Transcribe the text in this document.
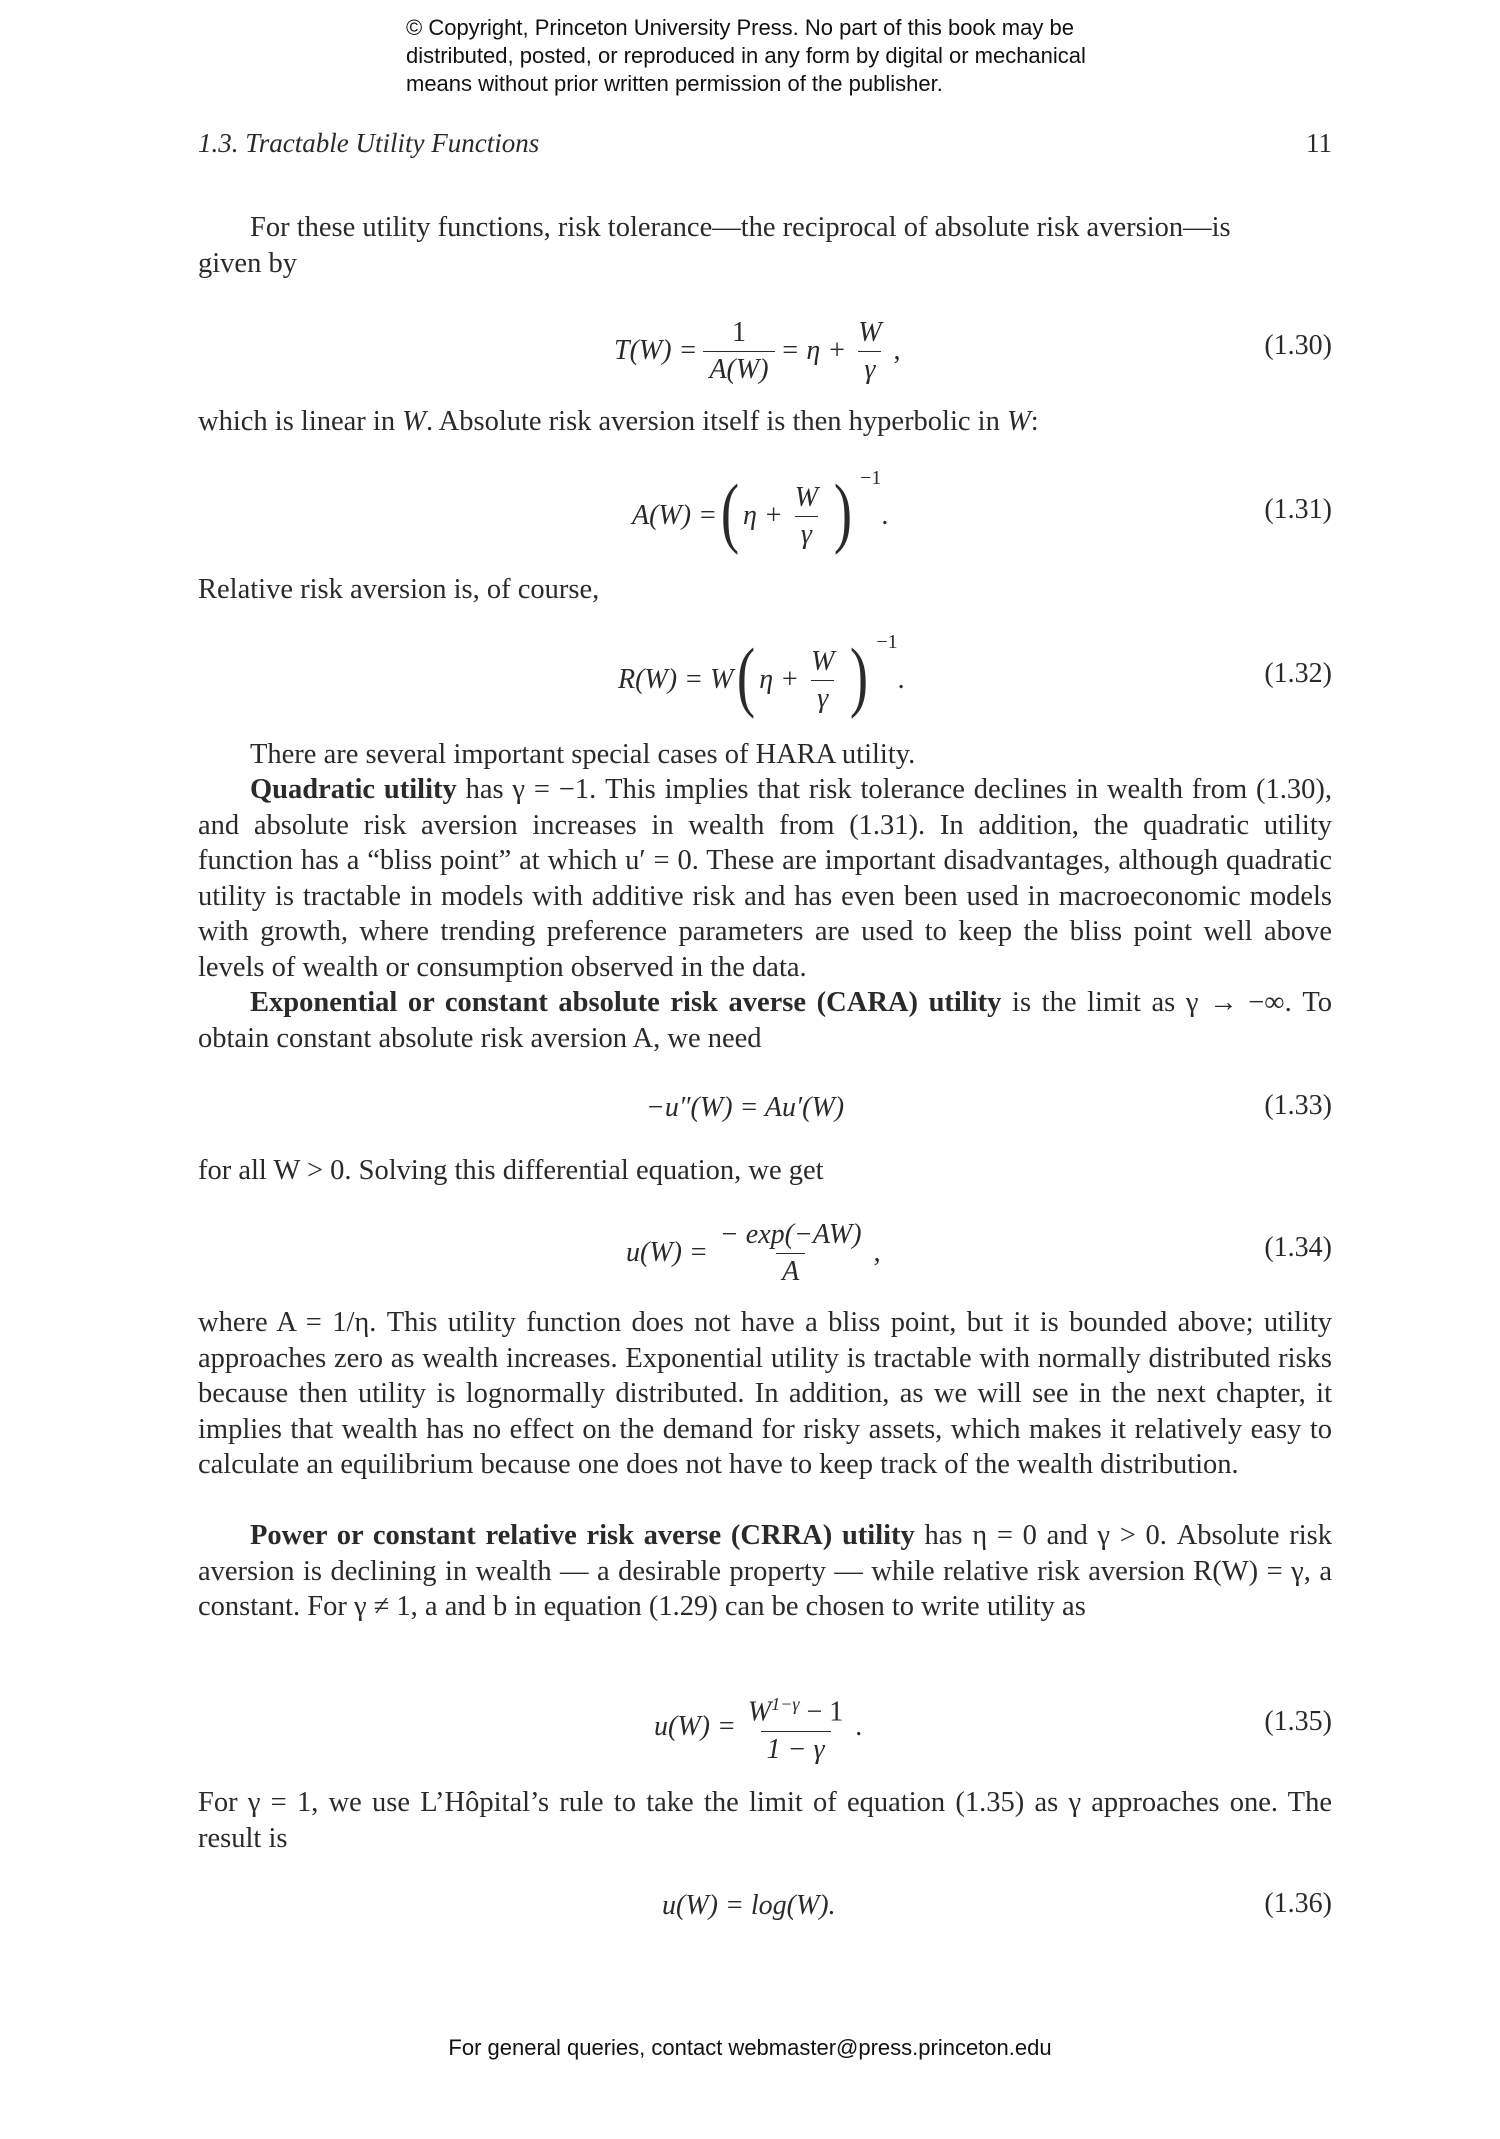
© Copyright, Princeton University Press. No part of this book may be
distributed, posted, or reproduced in any form by digital or mechanical
means without prior written permission of the publisher.
1.3. Tractable Utility Functions	11
For these utility functions, risk tolerance—the reciprocal of absolute risk aversion—is
given by
$T(W) = \frac{1}{A(W)} = \eta + \frac{W}{\gamma}$ ,	(1.30)
which is linear in W. Absolute risk aversion itself is then hyperbolic in W:
A(W) = ( $\eta + \frac{W}{\gamma}$ ) −1
.	(1.31)
Relative risk aversion is, of course,
R(W) = W ( $\eta + \frac{W}{\gamma}$ ) −1
.	(1.32)
There are several important special cases of HARA utility.
Quadratic utility has γ = −1. This implies that risk tolerance declines in wealth from (1.30), and absolute risk aversion increases in wealth from (1.31). In addition, the quadratic utility function has a “bliss point” at which u′ = 0. These are important disadvantages, although quadratic utility is tractable in models with additive risk and has even been used in macroeconomic models with growth, where trending preference parameters are used to keep the bliss point well above levels of wealth or consumption observed in the data.
Exponential or constant absolute risk averse (CARA) utility is the limit as γ → −∞. To obtain constant absolute risk aversion A, we need
−u″(W) = Au′(W)	(1.33)
for all W > 0. Solving this differential equation, we get
$u(W) = \frac{- \exp(-AW)}{A}$ ,	(1.34)
where A = 1/η. This utility function does not have a bliss point, but it is bounded above; utility approaches zero as wealth increases. Exponential utility is tractable with normally distributed risks because then utility is lognormally distributed. In addition, as we will see in the next chapter, it implies that wealth has no effect on the demand for risky assets, which makes it relatively easy to calculate an equilibrium because one does not have to keep track of the wealth distribution.
Power or constant relative risk averse (CRRA) utility has η = 0 and γ > 0. Absolute risk aversion is declining in wealth — a desirable property — while relative risk aversion R(W) = γ, a constant. For γ ≠ 1, a and b in equation (1.29) can be chosen to write utility as
$u(W) = \frac{W^{1-\gamma} - 1}{1 - \gamma}$ .	(1.35)
For γ = 1, we use L’Hôpital’s rule to take the limit of equation (1.35) as γ approaches one. The result is
u(W) = log(W).	(1.36)
For general queries, contact webmaster@press.princeton.edu
